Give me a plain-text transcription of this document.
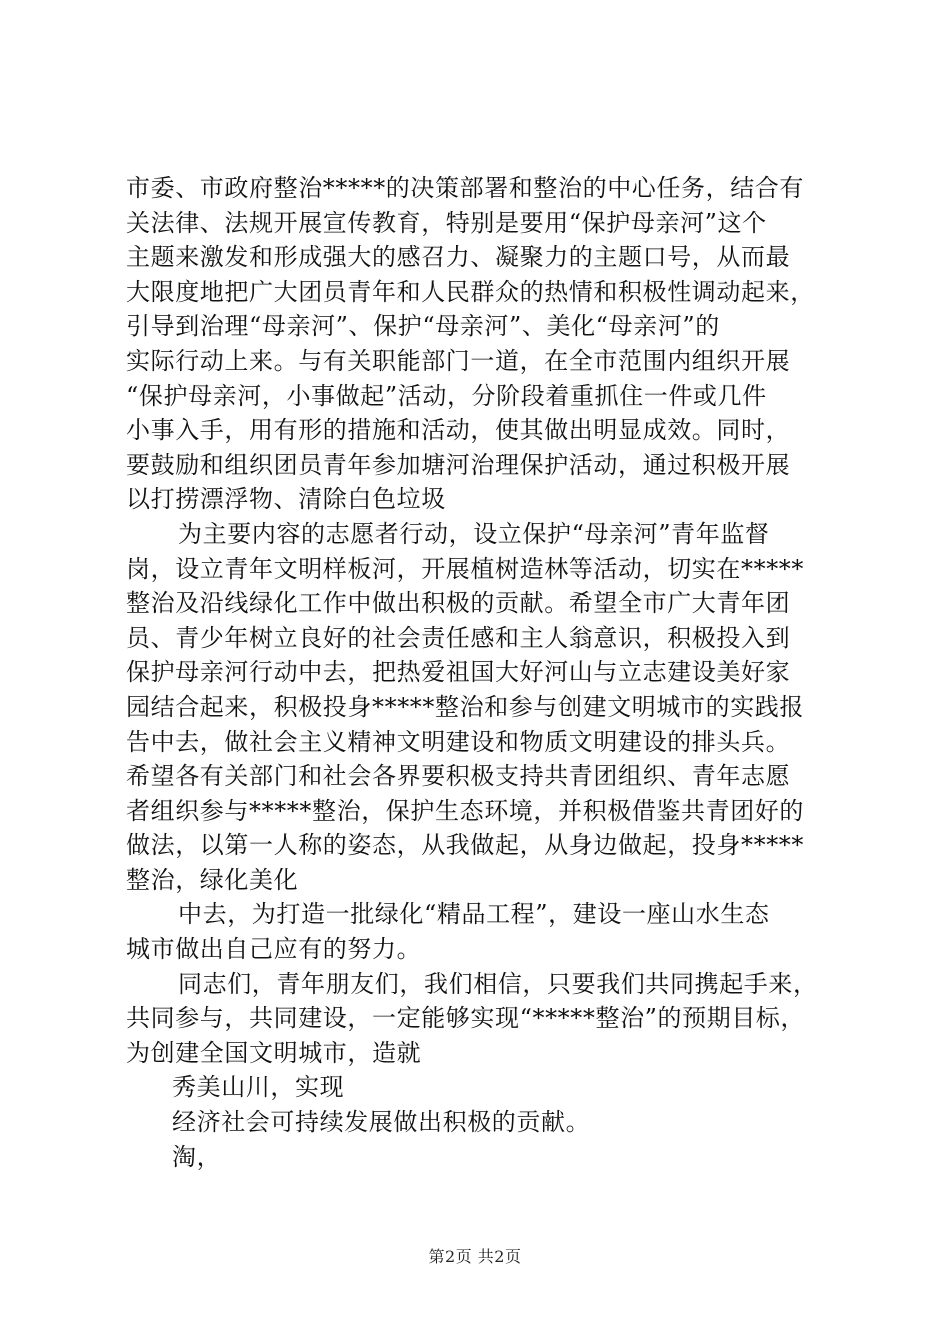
市委、市政府整治*****的决策部署和整治的中心任务，结合有
关法律、法规开展宣传教育，特别是要用“保护母亲河”这个
主题来激发和形成强大的感召力、凝聚力的主题口号，从而最
大限度地把广大团员青年和人民群众的热情和积极性调动起来，
引导到治理“母亲河”、保护“母亲河”、美化“母亲河”的
实际行动上来。与有关职能部门一道，在全市范围内组织开展
“保护母亲河，小事做起”活动，分阶段着重抓住一件或几件
小事入手，用有形的措施和活动，使其做出明显成效。同时，
要鼓励和组织团员青年参加塘河治理保护活动，通过积极开展
以打捞漂浮物、清除白色垃圾
为主要内容的志愿者行动，设立保护“母亲河”青年监督
岗，设立青年文明样板河，开展植树造林等活动，切实在*****
整治及沿线绿化工作中做出积极的贡献。希望全市广大青年团
员、青少年树立良好的社会责任感和主人翁意识，积极投入到
保护母亲河行动中去，把热爱祖国大好河山与立志建设美好家
园结合起来，积极投身*****整治和参与创建文明城市的实践报
告中去，做社会主义精神文明建设和物质文明建设的排头兵。
希望各有关部门和社会各界要积极支持共青团组织、青年志愿
者组织参与*****整治，保护生态环境，并积极借鉴共青团好的
做法，以第一人称的姿态，从我做起，从身边做起，投身*****
整治，绿化美化
中去，为打造一批绿化“精品工程”，建设一座山水生态
城市做出自己应有的努力。
同志们，青年朋友们，我们相信，只要我们共同携起手来，
共同参与，共同建设，一定能够实现“*****整治”的预期目标，
为创建全国文明城市，造就
秀美山川，实现
经济社会可持续发展做出积极的贡献。
淘，
第2页 共2页
